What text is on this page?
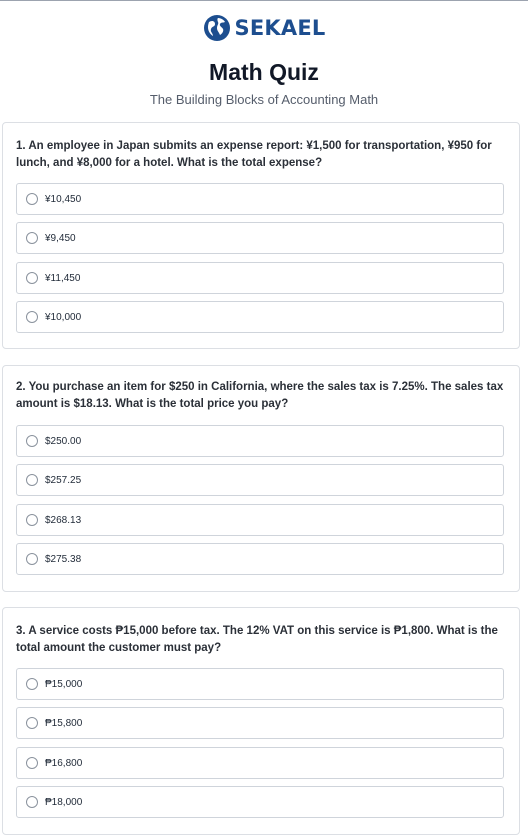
SEKAEL
Math Quiz
The Building Blocks of Accounting Math
1. An employee in Japan submits an expense report: ¥1,500 for transportation, ¥950 for lunch, and ¥8,000 for a hotel. What is the total expense?
¥10,450
¥9,450
¥11,450
¥10,000
2. You purchase an item for $250 in California, where the sales tax is 7.25%. The sales tax amount is $18.13. What is the total price you pay?
$250.00
$257.25
$268.13
$275.38
3. A service costs ₱15,000 before tax. The 12% VAT on this service is ₱1,800. What is the total amount the customer must pay?
₱15,000
₱15,800
₱16,800
₱18,000
